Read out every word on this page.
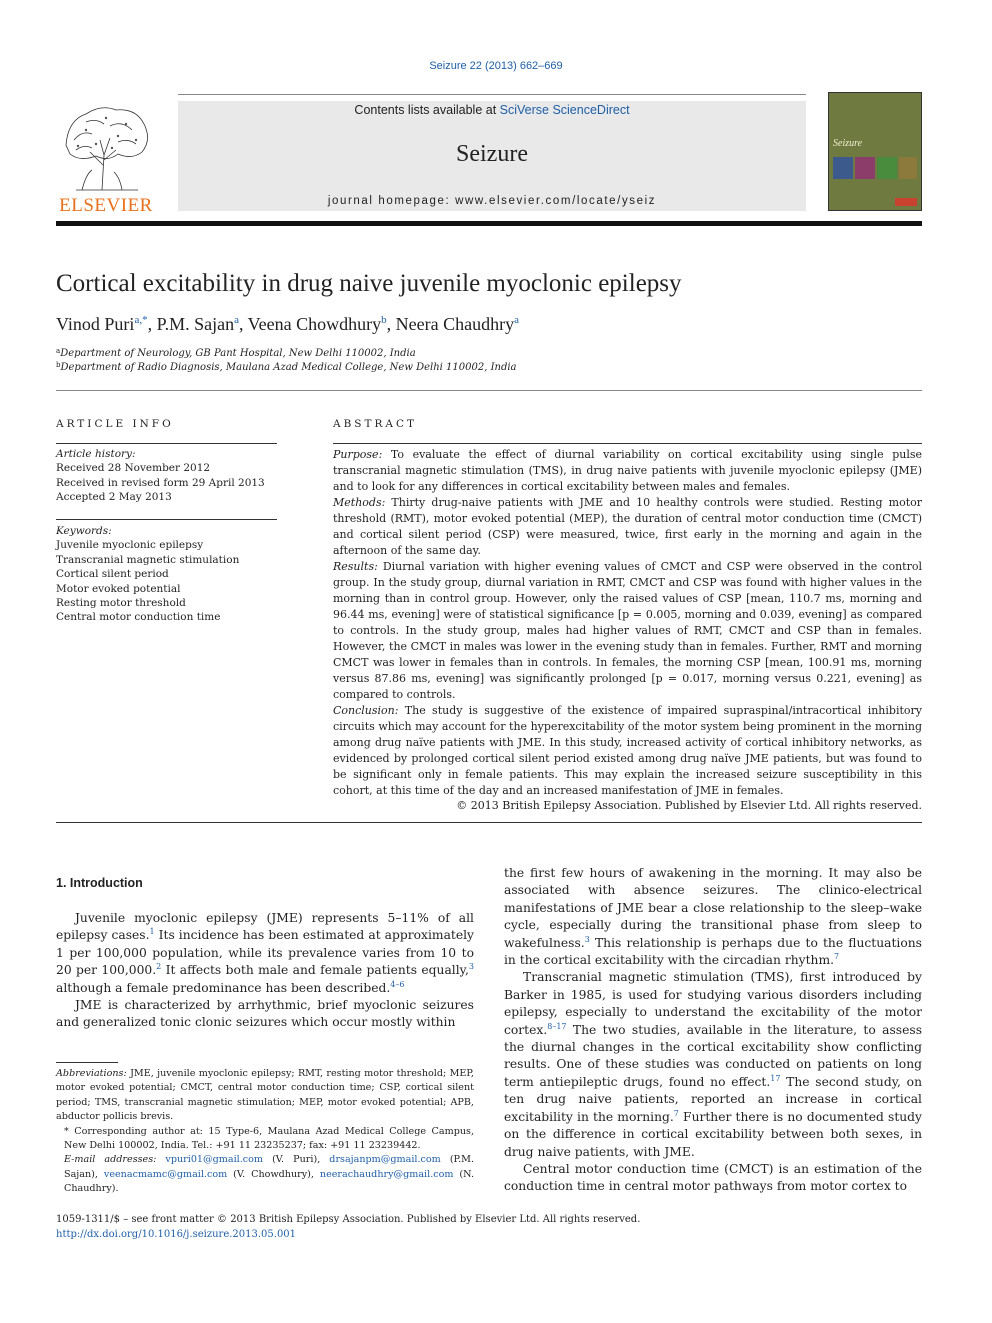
Seizure 22 (2013) 662–669
ELSEVIER
Contents lists available at SciVerse ScienceDirect
Seizure
journal homepage: www.elsevier.com/locate/yseiz
Seizure
Cortical excitability in drug naive juvenile myoclonic epilepsy
Vinod Puri$^{a,*}$, P.M. Sajan$^a$, Veena Chowdhury$^b$, Neera Chaudhry$^a$
$^a$Department of Neurology, GB Pant Hospital, New Delhi 110002, India
$^b$Department of Radio Diagnosis, Maulana Azad Medical College, New Delhi 110002, India
ARTICLE INFO
Article history:
Received 28 November 2012
Received in revised form 29 April 2013
Accepted 2 May 2013
Keywords:
Juvenile myoclonic epilepsy
Transcranial magnetic stimulation
Cortical silent period
Motor evoked potential
Resting motor threshold
Central motor conduction time
ABSTRACT

Purpose: To evaluate the effect of diurnal variability on cortical excitability using single pulse transcranial magnetic stimulation (TMS), in drug naive patients with juvenile myoclonic epilepsy (JME) and to look for any differences in cortical excitability between males and females.

Methods: Thirty drug-naive patients with JME and 10 healthy controls were studied. Resting motor threshold (RMT), motor evoked potential (MEP), the duration of central motor conduction time (CMCT) and cortical silent period (CSP) were measured, twice, first early in the morning and again in the afternoon of the same day.

Results: Diurnal variation with higher evening values of CMCT and CSP were observed in the control group. In the study group, diurnal variation in RMT, CMCT and CSP was found with higher values in the morning than in control group. However, only the raised values of CSP [mean, 110.7 ms, morning and 96.44 ms, evening] were of statistical significance [p = 0.005, morning and 0.039, evening] as compared to controls. In the study group, males had higher values of RMT, CMCT and CSP than in females. However, the CMCT in males was lower in the evening study than in females. Further, RMT and morning CMCT was lower in females than in controls. In females, the morning CSP [mean, 100.91 ms, morning versus 87.86 ms, evening] was significantly prolonged [p = 0.017, morning versus 0.221, evening] as compared to controls.

Conclusion: The study is suggestive of the existence of impaired supraspinal/intracortical inhibitory circuits which may account for the hyperexcitability of the motor system being prominent in the morning among drug naïve patients with JME. In this study, increased activity of cortical inhibitory networks, as evidenced by prolonged cortical silent period existed among drug naïve JME patients, but was found to be significant only in female patients. This may explain the increased seizure susceptibility in this cohort, at this time of the day and an increased manifestation of JME in females.

© 2013 British Epilepsy Association. Published by Elsevier Ltd. All rights reserved.
1. Introduction

Juvenile myoclonic epilepsy (JME) represents 5–11% of all epilepsy cases.$^1$ Its incidence has been estimated at approximately 1 per 100,000 population, while its prevalence varies from 10 to 20 per 100,000.$^2$ It affects both male and female patients equally,$^3$ although a female predominance has been described.$^{4-6}$

JME is characterized by arrhythmic, brief myoclonic seizures and generalized tonic clonic seizures which occur mostly within

the first few hours of awakening in the morning. It may also be associated with absence seizures. The clinico-electrical manifestations of JME bear a close relationship to the sleep–wake cycle, especially during the transitional phase from sleep to wakefulness.$^3$ This relationship is perhaps due to the fluctuations in the cortical excitability with the circadian rhythm.$^7$

Transcranial magnetic stimulation (TMS), first introduced by Barker in 1985, is used for studying various disorders including epilepsy, especially to understand the excitability of the motor cortex.$^{8-17}$ The two studies, available in the literature, to assess the diurnal changes in the cortical excitability show conflicting results. One of these studies was conducted on patients on long term antiepileptic drugs, found no effect.$^{17}$ The second study, on ten drug naive patients, reported an increase in cortical excitability in the morning.$^7$ Further there is no documented study on the difference in cortical excitability between both sexes, in drug naive patients, with JME.

Central motor conduction time (CMCT) is an estimation of the conduction time in central motor pathways from motor cortex to

Abbreviations: JME, juvenile myoclonic epilepsy; RMT, resting motor threshold; MEP, motor evoked potential; CMCT, central motor conduction time; CSP, cortical silent period; TMS, transcranial magnetic stimulation; MEP, motor evoked potential; APB, abductor pollicis brevis.
* Corresponding author at: 15 Type-6, Maulana Azad Medical College Campus, New Delhi 100002, India. Tel.: +91 11 23235237; fax: +91 11 23239442.
E-mail addresses: vpuri01@gmail.com (V. Puri), drsajanpm@gmail.com (P.M. Sajan), veenacmamc@gmail.com (V. Chowdhury), neerachaudhry@gmail.com (N. Chaudhry).
1059-1311/$ – see front matter © 2013 British Epilepsy Association. Published by Elsevier Ltd. All rights reserved.
http://dx.doi.org/10.1016/j.seizure.2013.05.001
